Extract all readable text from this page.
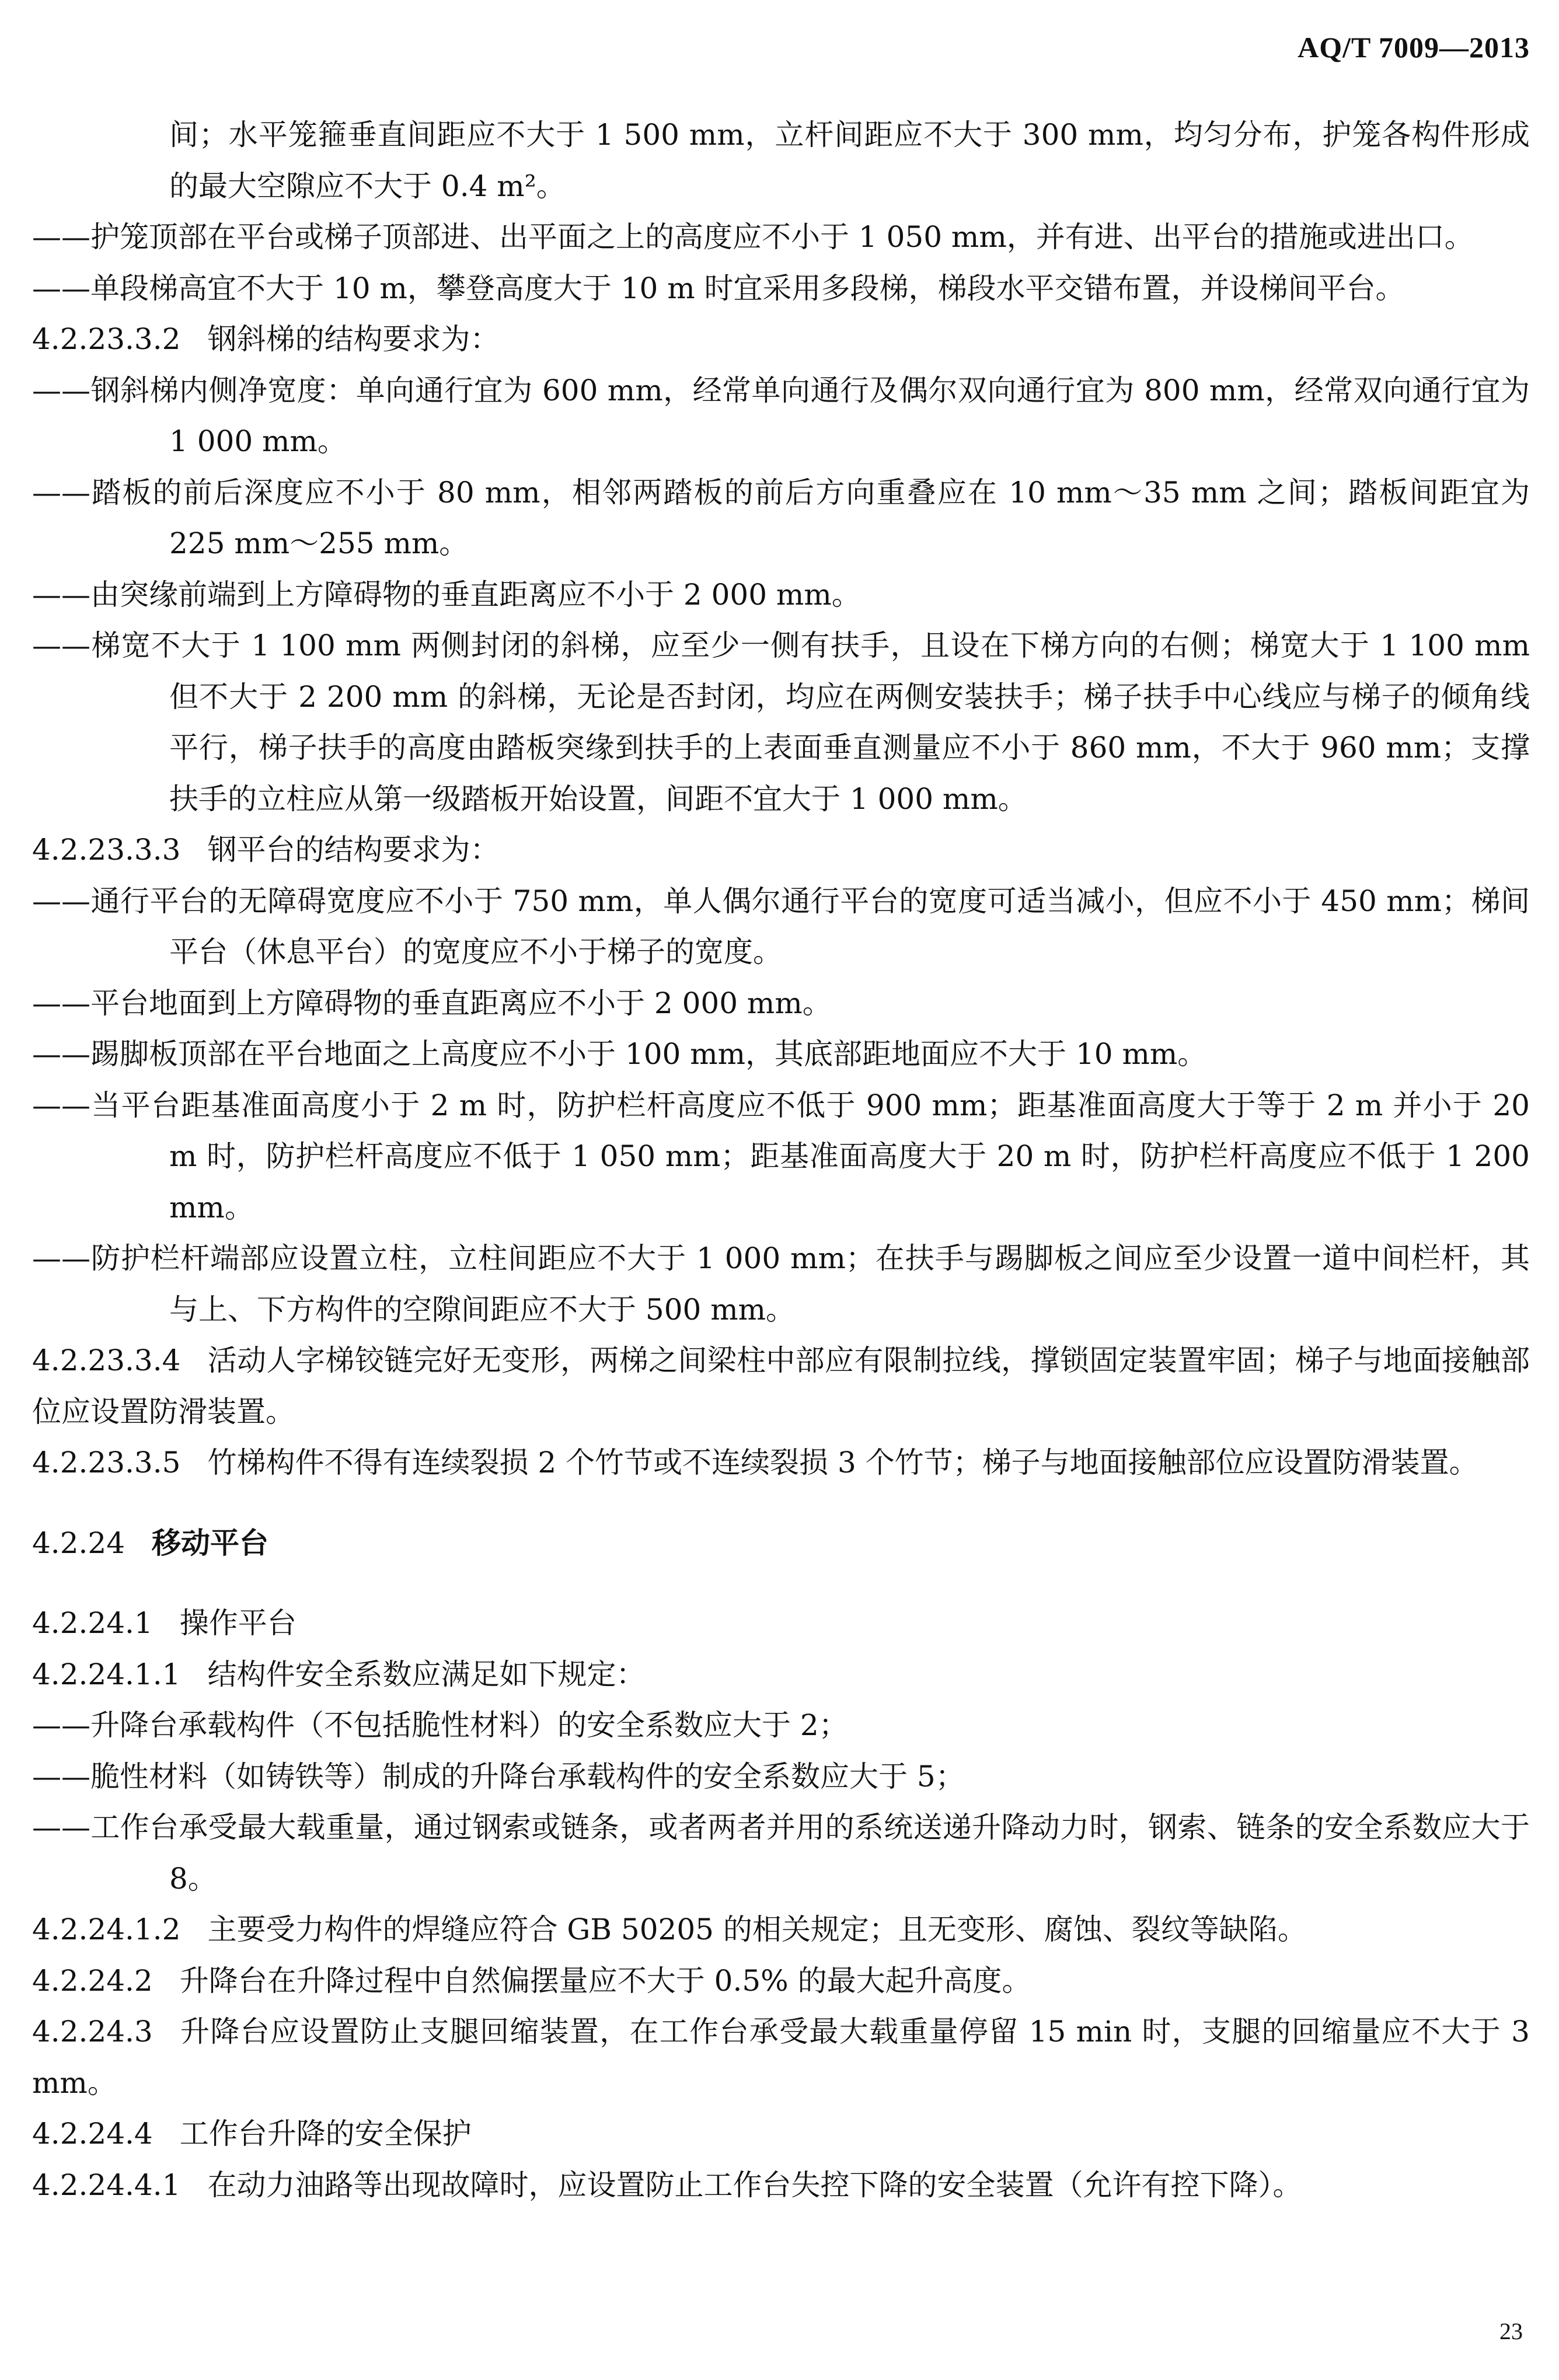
AQ/T 7009—2013

间；水平笼箍垂直间距应不大于 1 500 mm，立杆间距应不大于 300 mm，均匀分布，护笼各构件形成的最大空隙应不大于 0.4 m²。

——护笼顶部在平台或梯子顶部进、出平面之上的高度应不小于 1 050 mm，并有进、出平台的措施或进出口。

——单段梯高宜不大于 10 m，攀登高度大于 10 m 时宜采用多段梯，梯段水平交错布置，并设梯间平台。

4.2.23.3.2 钢斜梯的结构要求为：

——钢斜梯内侧净宽度：单向通行宜为 600 mm，经常单向通行及偶尔双向通行宜为 800 mm，经常双向通行宜为 1 000 mm。

——踏板的前后深度应不小于 80 mm，相邻两踏板的前后方向重叠应在 10 mm～35 mm 之间；踏板间距宜为 225 mm～255 mm。

——由突缘前端到上方障碍物的垂直距离应不小于 2 000 mm。

——梯宽不大于 1 100 mm 两侧封闭的斜梯，应至少一侧有扶手，且设在下梯方向的右侧；梯宽大于 1 100 mm 但不大于 2 200 mm 的斜梯，无论是否封闭，均应在两侧安装扶手；梯子扶手中心线应与梯子的倾角线平行，梯子扶手的高度由踏板突缘到扶手的上表面垂直测量应不小于 860 mm，不大于 960 mm；支撑扶手的立柱应从第一级踏板开始设置，间距不宜大于 1 000 mm。

4.2.23.3.3 钢平台的结构要求为：

——通行平台的无障碍宽度应不小于 750 mm，单人偶尔通行平台的宽度可适当减小，但应不小于 450 mm；梯间平台（休息平台）的宽度应不小于梯子的宽度。

——平台地面到上方障碍物的垂直距离应不小于 2 000 mm。

——踢脚板顶部在平台地面之上高度应不小于 100 mm，其底部距地面应不大于 10 mm。

——当平台距基准面高度小于 2 m 时，防护栏杆高度应不低于 900 mm；距基准面高度大于等于 2 m 并小于 20 m 时，防护栏杆高度应不低于 1 050 mm；距基准面高度大于 20 m 时，防护栏杆高度应不低于 1 200 mm。

——防护栏杆端部应设置立柱，立柱间距应不大于 1 000 mm；在扶手与踢脚板之间应至少设置一道中间栏杆，其与上、下方构件的空隙间距应不大于 500 mm。

4.2.23.3.4 活动人字梯铰链完好无变形，两梯之间梁柱中部应有限制拉线，撑锁固定装置牢固；梯子与地面接触部位应设置防滑装置。

4.2.23.3.5 竹梯构件不得有连续裂损 2 个竹节或不连续裂损 3 个竹节；梯子与地面接触部位应设置防滑装置。

4.2.24 移动平台

4.2.24.1 操作平台

4.2.24.1.1 结构件安全系数应满足如下规定：

——升降台承载构件（不包括脆性材料）的安全系数应大于 2；

——脆性材料（如铸铁等）制成的升降台承载构件的安全系数应大于 5；

——工作台承受最大载重量，通过钢索或链条，或者两者并用的系统送递升降动力时，钢索、链条的安全系数应大于 8。

4.2.24.1.2 主要受力构件的焊缝应符合 GB 50205 的相关规定；且无变形、腐蚀、裂纹等缺陷。

4.2.24.2 升降台在升降过程中自然偏摆量应不大于 0.5% 的最大起升高度。

4.2.24.3 升降台应设置防止支腿回缩装置，在工作台承受最大载重量停留 15 min 时，支腿的回缩量应不大于 3 mm。

4.2.24.4 工作台升降的安全保护

4.2.24.4.1 在动力油路等出现故障时，应设置防止工作台失控下降的安全装置（允许有控下降）。

23
